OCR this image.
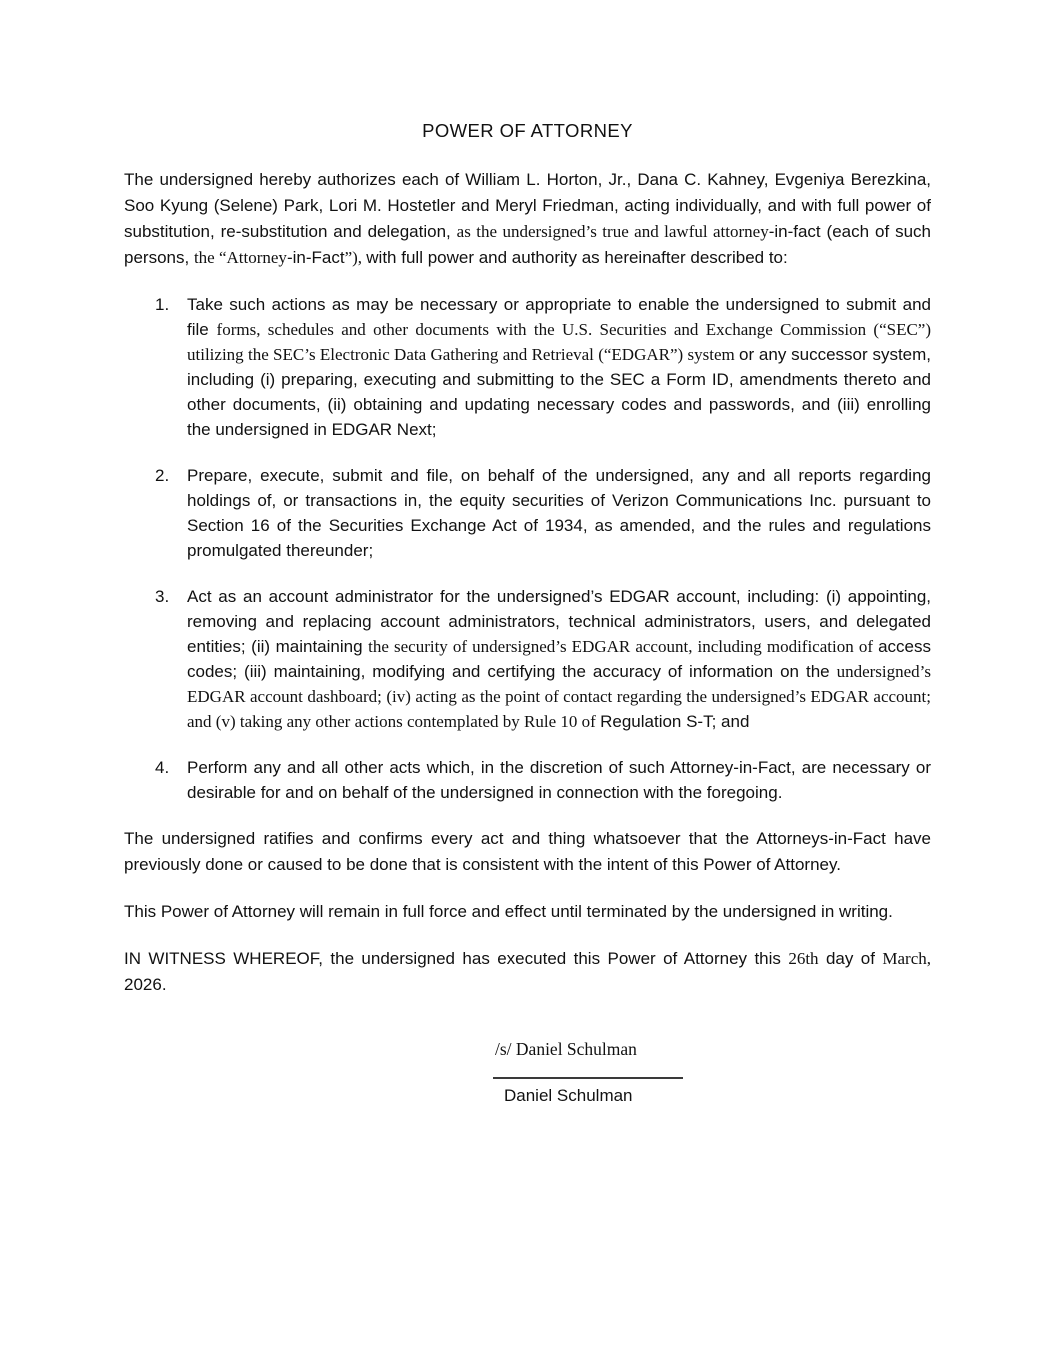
POWER OF ATTORNEY

The undersigned hereby authorizes each of William L. Horton, Jr., Dana C. Kahney, Evgeniya Berezkina, Soo Kyung (Selene) Park, Lori M. Hostetler and Meryl Friedman, acting individually, and with full power of substitution, re-substitution and delegation, as the undersigned’s true and lawful attorney-in-fact (each of such persons, the “Attorney-in-Fact”), with full power and authority as hereinafter described to:

1. Take such actions as may be necessary or appropriate to enable the undersigned to submit and file forms, schedules and other documents with the U.S. Securities and Exchange Commission (“SEC”) utilizing the SEC’s Electronic Data Gathering and Retrieval (“EDGAR”) system or any successor system, including (i) preparing, executing and submitting to the SEC a Form ID, amendments thereto and other documents, (ii) obtaining and updating necessary codes and passwords, and (iii) enrolling the undersigned in EDGAR Next;
2. Prepare, execute, submit and file, on behalf of the undersigned, any and all reports regarding holdings of, or transactions in, the equity securities of Verizon Communications Inc. pursuant to Section 16 of the Securities Exchange Act of 1934, as amended, and the rules and regulations promulgated thereunder;
3. Act as an account administrator for the undersigned’s EDGAR account, including: (i) appointing, removing and replacing account administrators, technical administrators, users, and delegated entities; (ii) maintaining the security of undersigned’s EDGAR account, including modification of access codes; (iii) maintaining, modifying and certifying the accuracy of information on the undersigned’s EDGAR account dashboard; (iv) acting as the point of contact regarding the undersigned’s EDGAR account; and (v) taking any other actions contemplated by Rule 10 of Regulation S-T; and
4. Perform any and all other acts which, in the discretion of such Attorney-in-Fact, are necessary or desirable for and on behalf of the undersigned in connection with the foregoing.

The undersigned ratifies and confirms every act and thing whatsoever that the Attorneys-in-Fact have previously done or caused to be done that is consistent with the intent of this Power of Attorney.

This Power of Attorney will remain in full force and effect until terminated by the undersigned in writing.

IN WITNESS WHEREOF, the undersigned has executed this Power of Attorney this 26th day of March, 2026.

/s/ Daniel Schulman
Daniel Schulman
